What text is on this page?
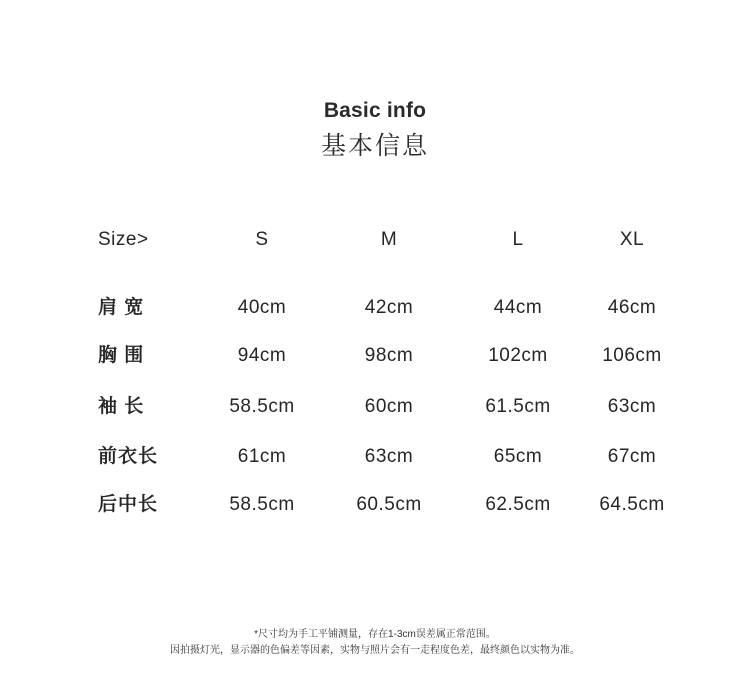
Basic info
基本信息
Size>	S	M	L	XL
肩 宽	40cm	42cm	44cm	46cm
胸 围	94cm	98cm	102cm	106cm
袖 长	58.5cm	60cm	61.5cm	63cm
前衣长	61cm	63cm	65cm	67cm
后中长	58.5cm	60.5cm	62.5cm	64.5cm
*尺寸均为手工平铺测量，存在1-3cm误差属正常范围。
因拍摄灯光，显示器的色偏差等因素，实物与照片会有一走程度色差，最终颜色以实物为准。
